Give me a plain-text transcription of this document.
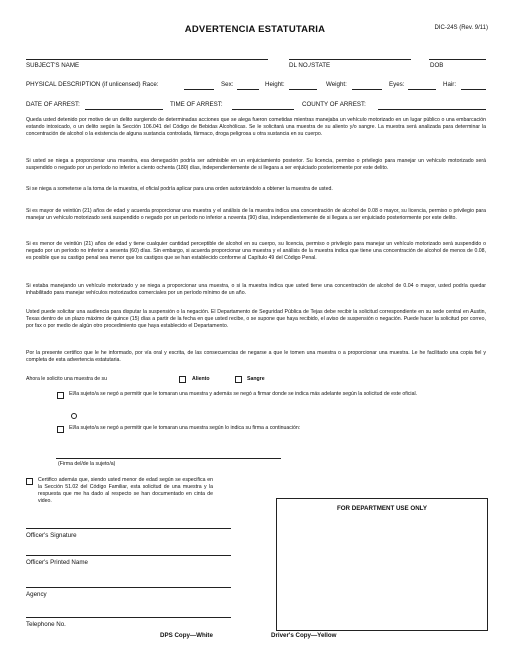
ADVERTENCIA ESTATUTARIA	DIC-24S (Rev. 9/11)
SUBJECT'S NAME	DL NO./STATE	DOB
PHYSICAL DESCRIPTION (if unlicensed) Race:	Sex:	Height:	Weight:	Eyes:	Hair:
DATE OF ARREST:	TIME OF ARREST:	COUNTY OF ARREST:

Queda usted detenido por motivo de un delito surgiendo de determinadas acciones que se alega fueron cometidas mientras manejaba un vehículo motorizado en un lugar público o una embarcación estando intoxicado, o un delito según la Sección 106.041 del Código de Bebidas Alcohólicas. Se le solicitará una muestra de su aliento y/o sangre. La muestra será analizada para determinar la concentración de alcohol o la existencia de alguna sustancia controlada, fármaco, droga peligrosa u otra sustancia en su cuerpo.

Si usted se niega a proporcionar una muestra, esa denegación podría ser admisible en un enjuiciamiento posterior. Su licencia, permiso o privilegio para manejar un vehículo motorizado será suspendido o negado por un período no inferior a ciento ochenta (180) días, independientemente de si llegara a ser enjuiciado posteriormente por este delito.

Si se niega a someterse a la toma de la muestra, el oficial podría aplicar para una orden autorizándolo a obtener la muestra de usted.

Si es mayor de veintiún (21) años de edad y acuerda proporcionar una muestra y el análisis de la muestra indica una concentración de alcohol de 0.08 o mayor, su licencia, permiso o privilegio para manejar un vehículo motorizado será suspendido o negado por un período no inferior a noventa (90) días, independientemente de si llegara a ser enjuiciado posteriormente por este delito.

Si es menor de veintiún (21) años de edad y tiene cualquier cantidad perceptible de alcohol en su cuerpo, su licencia, permiso o privilegio para manejar un vehículo motorizado será suspendido o negado por un período no inferior a sesenta (60) días. Sin embargo, si acuerda proporcionar una muestra y el análisis de la muestra indica que tiene una concentración de alcohol de menos de 0.08, es posible que su castigo penal sea menor que los castigos que se han establecido conforme al Capítulo 49 del Código Penal.

Si estaba manejando un vehículo motorizado y se niega a proporcionar una muestra, o si la muestra indica que usted tiene una concentración de alcohol de 0.04 o mayor, usted podría quedar inhabilitado para manejar vehículos motorizados comerciales por un período mínimo de un año.

Usted puede solicitar una audiencia para disputar la suspensión o la negación. El Departamento de Seguridad Pública de Tejas debe recibir la solicitud correspondiente en su sede central en Austin, Texas dentro de un plazo máximo de quince (15) días a partir de la fecha en que usted recibe, o se supone que haya recibido, el aviso de suspensión o negación. Puede hacer la solicitud por correo, por fax o por medio de algún otro procedimiento que haya establecido el Departamento.

Por la presente certifico que le he informado, por vía oral y escrita, de las consecuencias de negarse a que le tomen una muestra o a proporcionar una muestra. Le he facilitado una copia fiel y completa de esta advertencia estatutaria.

Ahora le solicito una muestra de su	Aliento	Sangre

El/la sujeto/a se negó a permitir que le tomaran una muestra y además se negó a firmar donde se indica más adelante según la solicitud de este oficial.

El/la sujeto/a se negó a permitir que le tomaran una muestra según lo indica su firma a continuación:

(Firma del/de la sujeto/a)

Certifico además que, siendo usted menor de edad según se especifica en la Sección 51.02 del Código Familiar, esta solicitud de una muestra y la respuesta que me ha dado al respecto se han documentado en cinta de video.

Officer's Signature
Officer's Printed Name
Agency
Telephone No.
FOR DEPARTMENT USE ONLY
DPS Copy—White	Driver's Copy—Yellow
